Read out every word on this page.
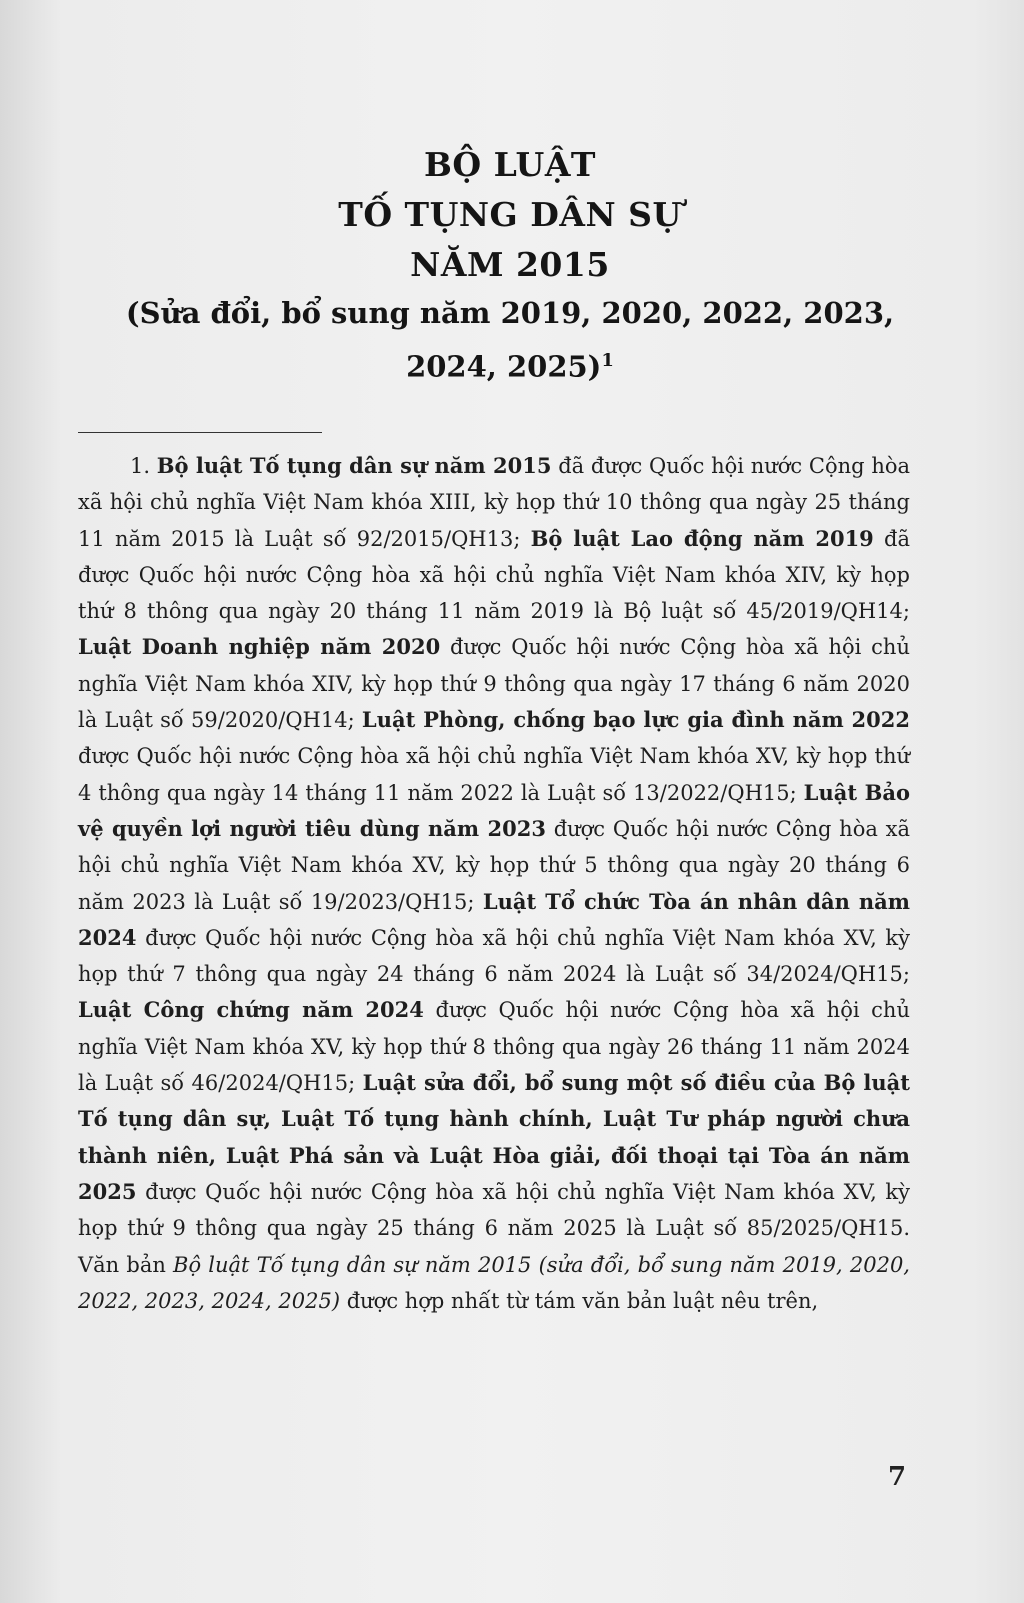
BỘ LUẬT
TỐ TỤNG DÂN SỰ
NĂM 2015
(Sửa đổi, bổ sung năm 2019, 2020, 2022, 2023,
2024, 2025)$^1$

1. Bộ luật Tố tụng dân sự năm 2015 đã được Quốc hội nước Cộng hòa xã hội chủ nghĩa Việt Nam khóa XIII, kỳ họp thứ 10 thông qua ngày 25 tháng 11 năm 2015 là Luật số 92/2015/QH13; Bộ luật Lao động năm 2019 đã được Quốc hội nước Cộng hòa xã hội chủ nghĩa Việt Nam khóa XIV, kỳ họp thứ 8 thông qua ngày 20 tháng 11 năm 2019 là Bộ luật số 45/2019/QH14; Luật Doanh nghiệp năm 2020 được Quốc hội nước Cộng hòa xã hội chủ nghĩa Việt Nam khóa XIV, kỳ họp thứ 9 thông qua ngày 17 tháng 6 năm 2020 là Luật số 59/2020/QH14; Luật Phòng, chống bạo lực gia đình năm 2022 được Quốc hội nước Cộng hòa xã hội chủ nghĩa Việt Nam khóa XV, kỳ họp thứ 4 thông qua ngày 14 tháng 11 năm 2022 là Luật số 13/2022/QH15; Luật Bảo vệ quyền lợi người tiêu dùng năm 2023 được Quốc hội nước Cộng hòa xã hội chủ nghĩa Việt Nam khóa XV, kỳ họp thứ 5 thông qua ngày 20 tháng 6 năm 2023 là Luật số 19/2023/QH15; Luật Tổ chức Tòa án nhân dân năm 2024 được Quốc hội nước Cộng hòa xã hội chủ nghĩa Việt Nam khóa XV, kỳ họp thứ 7 thông qua ngày 24 tháng 6 năm 2024 là Luật số 34/2024/QH15; Luật Công chứng năm 2024 được Quốc hội nước Cộng hòa xã hội chủ nghĩa Việt Nam khóa XV, kỳ họp thứ 8 thông qua ngày 26 tháng 11 năm 2024 là Luật số 46/2024/QH15; Luật sửa đổi, bổ sung một số điều của Bộ luật Tố tụng dân sự, Luật Tố tụng hành chính, Luật Tư pháp người chưa thành niên, Luật Phá sản và Luật Hòa giải, đối thoại tại Tòa án năm 2025 được Quốc hội nước Cộng hòa xã hội chủ nghĩa Việt Nam khóa XV, kỳ họp thứ 9 thông qua ngày 25 tháng 6 năm 2025 là Luật số 85/2025/QH15. Văn bản Bộ luật Tố tụng dân sự năm 2015 (sửa đổi, bổ sung năm 2019, 2020, 2022, 2023, 2024, 2025) được hợp nhất từ tám văn bản luật nêu trên,

7
